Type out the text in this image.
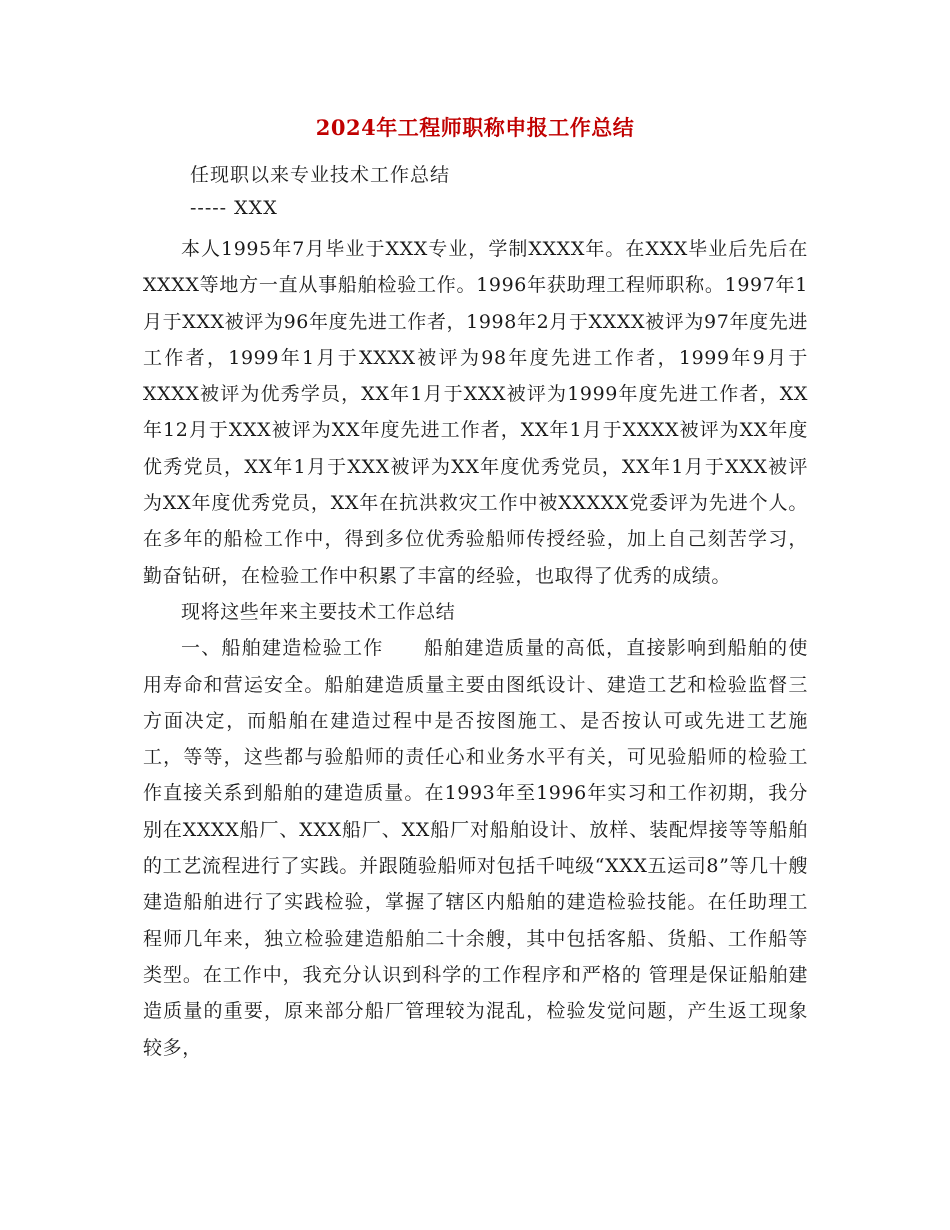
2024年工程师职称申报工作总结
任现职以来专业技术工作总结
----- XXX

本人1995年7月毕业于XXX专业，学制XXXX年。在XXX毕业后先后在XXXX等地方一直从事船舶检验工作。1996年获助理工程师职称。1997年1月于XXX被评为96年度先进工作者，1998年2月于XXXX被评为97年度先进工作者，1999年1月于XXXX被评为98年度先进工作者，1999年9月于XXXX被评为优秀学员，XX年1月于XXX被评为1999年度先进工作者，XX年12月于XXX被评为XX年度先进工作者，XX年1月于XXXX被评为XX年度优秀党员，XX年1月于XXX被评为XX年度优秀党员，XX年1月于XXX被评为XX年度优秀党员，XX年在抗洪救灾工作中被XXXXX党委评为先进个人。在多年的船检工作中，得到多位优秀验船师传授经验，加上自己刻苦学习，勤奋钻研，在检验工作中积累了丰富的经验，也取得了优秀的成绩。

现将这些年来主要技术工作总结

一、船舶建造检验工作　　船舶建造质量的高低，直接影响到船舶的使用寿命和营运安全。船舶建造质量主要由图纸设计、建造工艺和检验监督三方面决定，而船舶在建造过程中是否按图施工、是否按认可或先进工艺施工，等等，这些都与验船师的责任心和业务水平有关，可见验船师的检验工作直接关系到船舶的建造质量。在1993年至1996年实习和工作初期，我分别在XXXX船厂、XXX船厂、XX船厂对船舶设计、放样、装配焊接等等船舶的工艺流程进行了实践。并跟随验船师对包括千吨级“XXX五运司8”等几十艘建造船舶进行了实践检验，掌握了辖区内船舶的建造检验技能。在任助理工程师几年来，独立检验建造船舶二十余艘，其中包括客船、货船、工作船等类型。在工作中，我充分认识到科学的工作程序和严格的 管理是保证船舶建造质量的重要，原来部分船厂管理较为混乱，检验发觉问题，产生返工现象较多，
